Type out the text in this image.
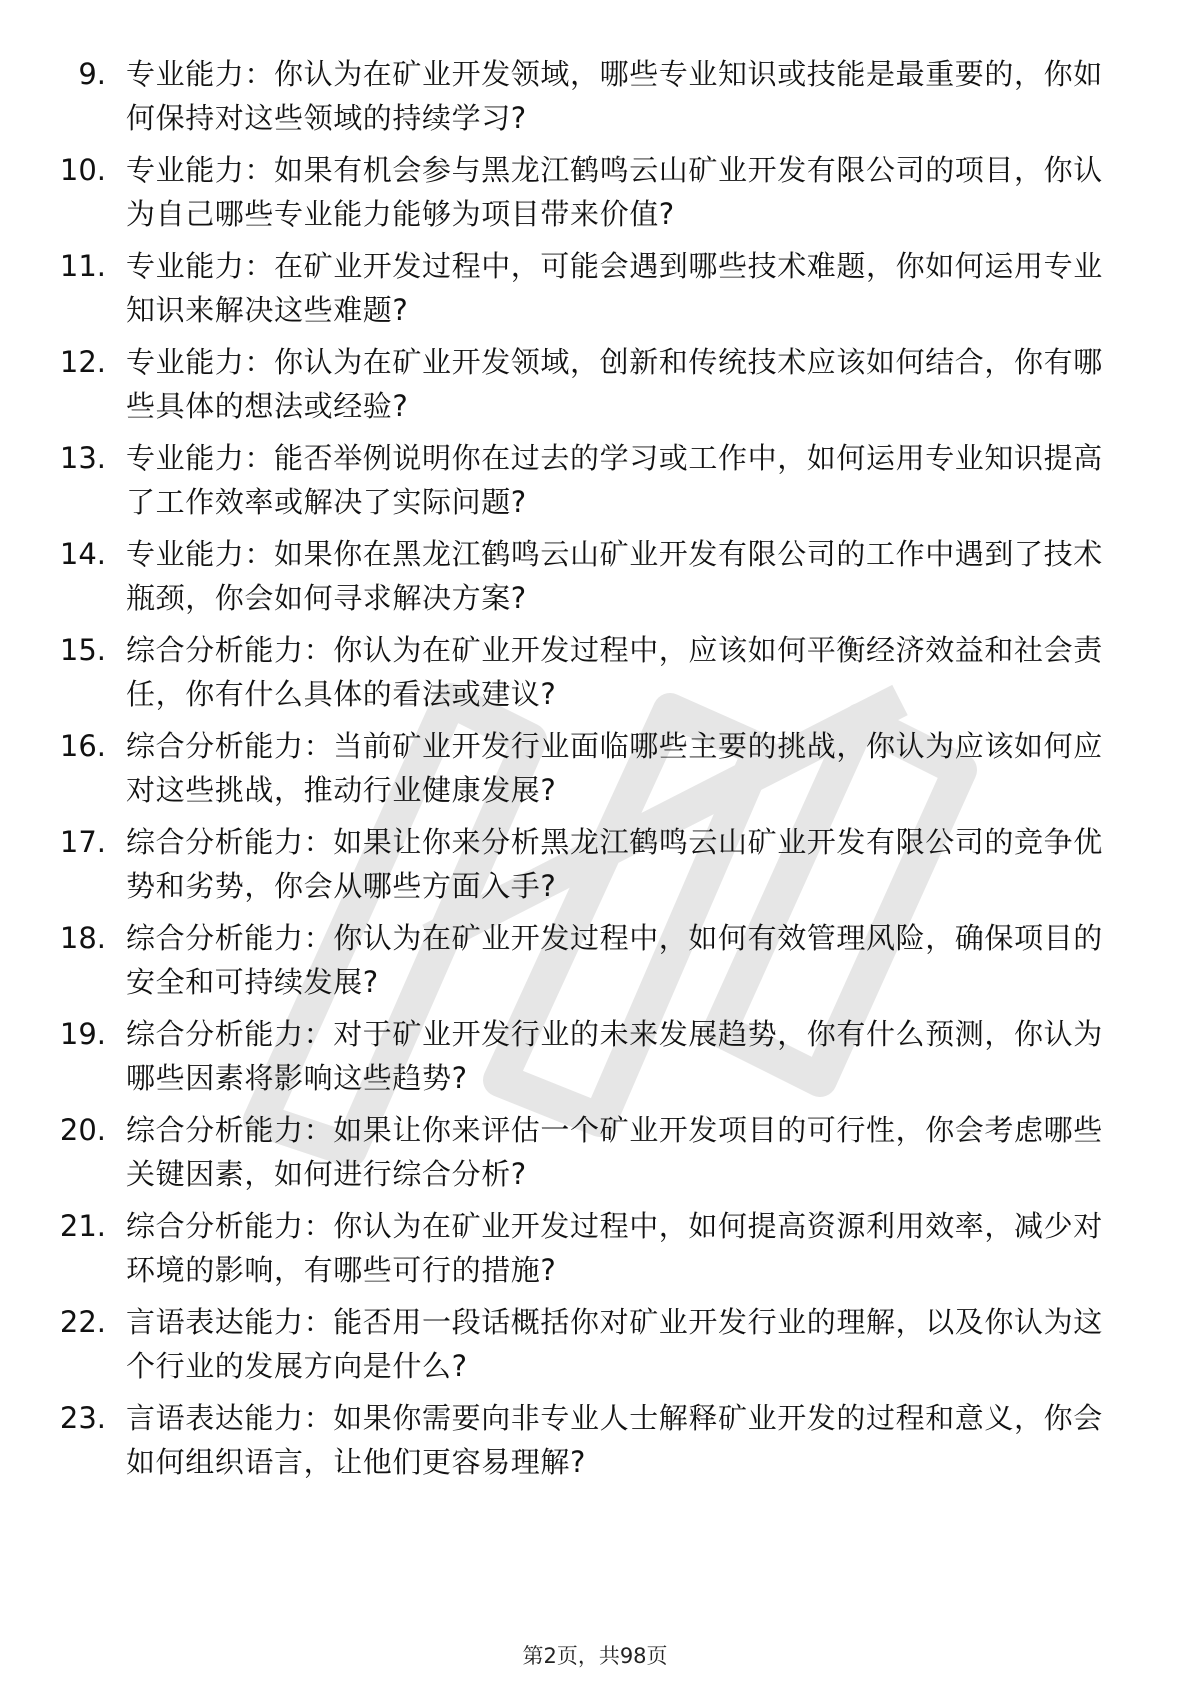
9. 专业能力：你认为在矿业开发领域，哪些专业知识或技能是最重要的，你如何保持对这些领域的持续学习?
10. 专业能力：如果有机会参与黑龙江鹤鸣云山矿业开发有限公司的项目，你认为自己哪些专业能力能够为项目带来价值?
11. 专业能力：在矿业开发过程中，可能会遇到哪些技术难题，你如何运用专业知识来解决这些难题?
12. 专业能力：你认为在矿业开发领域，创新和传统技术应该如何结合，你有哪些具体的想法或经验?
13. 专业能力：能否举例说明你在过去的学习或工作中，如何运用专业知识提高了工作效率或解决了实际问题?
14. 专业能力：如果你在黑龙江鹤鸣云山矿业开发有限公司的工作中遇到了技术瓶颈，你会如何寻求解决方案?
15. 综合分析能力：你认为在矿业开发过程中，应该如何平衡经济效益和社会责任，你有什么具体的看法或建议?
16. 综合分析能力：当前矿业开发行业面临哪些主要的挑战，你认为应该如何应对这些挑战，推动行业健康发展?
17. 综合分析能力：如果让你来分析黑龙江鹤鸣云山矿业开发有限公司的竞争优势和劣势，你会从哪些方面入手?
18. 综合分析能力：你认为在矿业开发过程中，如何有效管理风险，确保项目的安全和可持续发展?
19. 综合分析能力：对于矿业开发行业的未来发展趋势，你有什么预测，你认为哪些因素将影响这些趋势?
20. 综合分析能力：如果让你来评估一个矿业开发项目的可行性，你会考虑哪些关键因素，如何进行综合分析?
21. 综合分析能力：你认为在矿业开发过程中，如何提高资源利用效率，减少对环境的影响，有哪些可行的措施?
22. 言语表达能力：能否用一段话概括你对矿业开发行业的理解，以及你认为这个行业的发展方向是什么?
23. 言语表达能力：如果你需要向非专业人士解释矿业开发的过程和意义，你会如何组织语言，让他们更容易理解?
第2页，共98页
